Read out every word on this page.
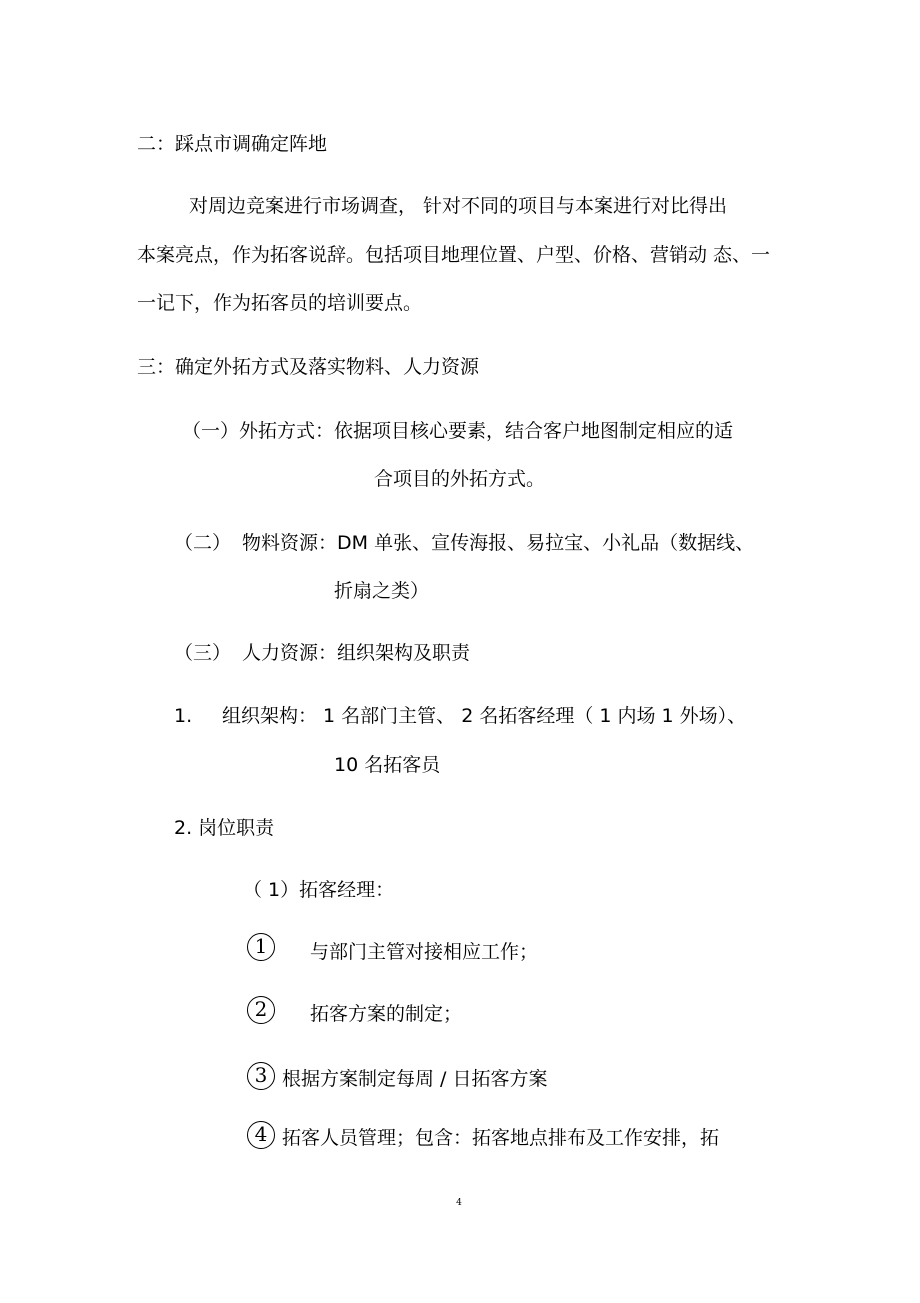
二：踩点市调确定阵地
对周边竞案进行市场调查， 针对不同的项目与本案进行对比得出
本案亮点，作为拓客说辞。包括项目地理位置、户型、价格、营销动 态、一
一记下，作为拓客员的培训要点。
三：确定外拓方式及落实物料、人力资源
（一）外拓方式：依据项目核心要素，结合客户地图制定相应的适
合项目的外拓方式。
（二） 物料资源：DM 单张、宣传海报、易拉宝、小礼品（数据线、
折扇之类）
（三） 人力资源：组织架构及职责
1. 组织架构： 1 名部门主管、 2 名拓客经理（ 1 内场 1 外场）、
10 名拓客员
2. 岗位职责
（ 1）拓客经理：
1	与部门主管对接相应工作；
2	拓客方案的制定；
3 根据方案制定每周 / 日拓客方案
4 拓客人员管理；包含：拓客地点排布及工作安排，拓
4
